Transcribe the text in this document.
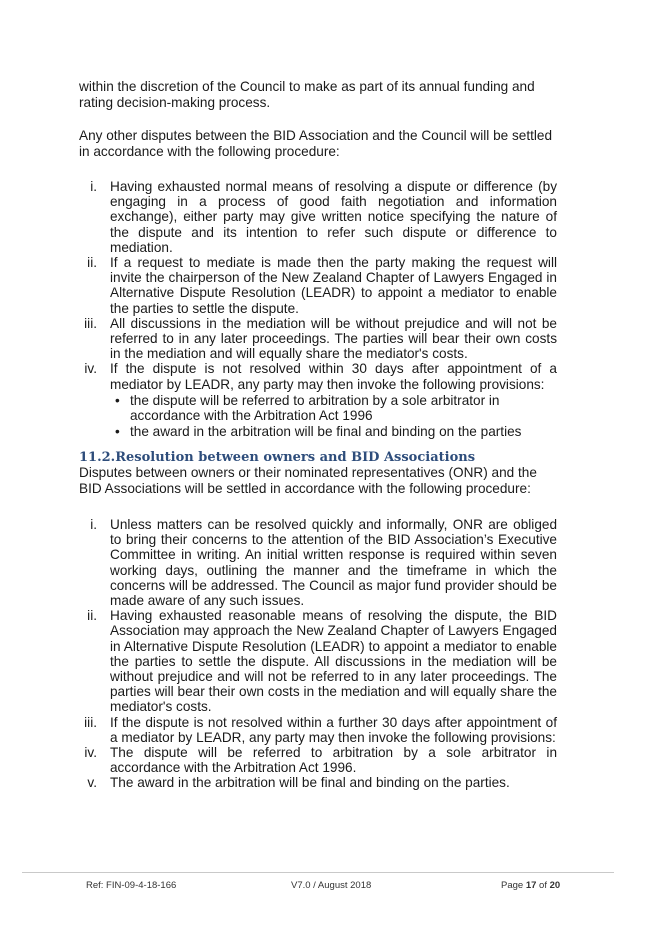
within the discretion of the Council to make as part of its annual funding and rating decision-making process.

Any other disputes between the BID Association and the Council will be settled in accordance with the following procedure:

i. Having exhausted normal means of resolving a dispute or difference (by engaging in a process of good faith negotiation and information exchange), either party may give written notice specifying the nature of the dispute and its intention to refer such dispute or difference to mediation.
ii. If a request to mediate is made then the party making the request will invite the chairperson of the New Zealand Chapter of Lawyers Engaged in Alternative Dispute Resolution (LEADR) to appoint a mediator to enable the parties to settle the dispute.
iii. All discussions in the mediation will be without prejudice and will not be referred to in any later proceedings. The parties will bear their own costs in the mediation and will equally share the mediator's costs.
iv. If the dispute is not resolved within 30 days after appointment of a mediator by LEADR, any party may then invoke the following provisions:
• the dispute will be referred to arbitration by a sole arbitrator in accordance with the Arbitration Act 1996
• the award in the arbitration will be final and binding on the parties
11.2.Resolution between owners and BID Associations

Disputes between owners or their nominated representatives (ONR) and the BID Associations will be settled in accordance with the following procedure:

i. Unless matters can be resolved quickly and informally, ONR are obliged to bring their concerns to the attention of the BID Association’s Executive Committee in writing. An initial written response is required within seven working days, outlining the manner and the timeframe in which the concerns will be addressed. The Council as major fund provider should be made aware of any such issues.
ii. Having exhausted reasonable means of resolving the dispute, the BID Association may approach the New Zealand Chapter of Lawyers Engaged in Alternative Dispute Resolution (LEADR) to appoint a mediator to enable the parties to settle the dispute. All discussions in the mediation will be without prejudice and will not be referred to in any later proceedings. The parties will bear their own costs in the mediation and will equally share the mediator's costs.
iii. If the dispute is not resolved within a further 30 days after appointment of a mediator by LEADR, any party may then invoke the following provisions:
iv. The dispute will be referred to arbitration by a sole arbitrator in accordance with the Arbitration Act 1996.
v. The award in the arbitration will be final and binding on the parties.
Ref: FIN-09-4-18-166	V7.0 / August 2018	Page 17 of 20
